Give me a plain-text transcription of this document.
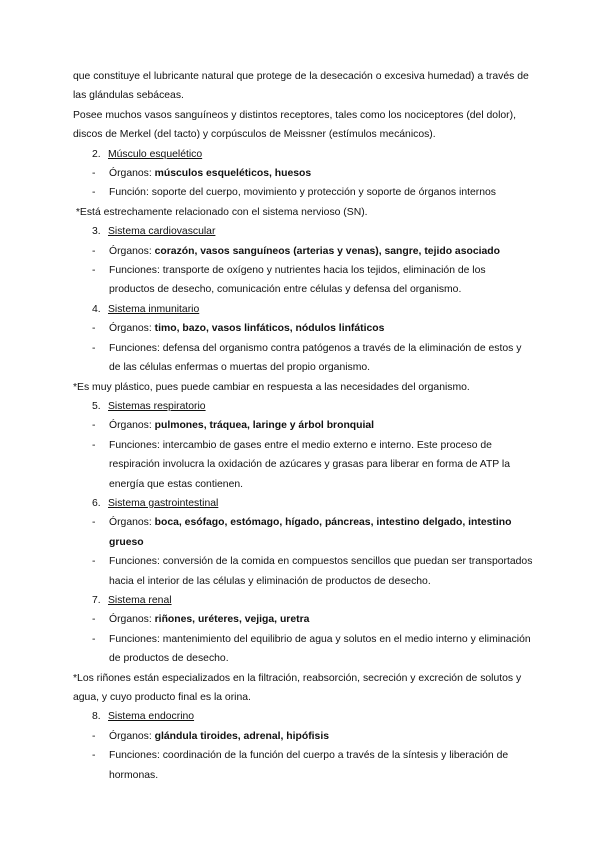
que constituye el lubricante natural que protege de la desecación o excesiva humedad) a través de las glándulas sebáceas.

Posee muchos vasos sanguíneos y distintos receptores, tales como los nociceptores (del dolor), discos de Merkel (del tacto) y corpúsculos de Meissner (estímulos mecánicos).

2. Músculo esquelético
-	Órganos: músculos esqueléticos, huesos
-	Función: soporte del cuerpo, movimiento y protección y soporte de órganos internos

*Está estrechamente relacionado con el sistema nervioso (SN).

3. Sistema cardiovascular
-	Órganos: corazón, vasos sanguíneos (arterias y venas), sangre, tejido asociado
-	Funciones: transporte de oxígeno y nutrientes hacia los tejidos, eliminación de los productos de desecho, comunicación entre células y defensa del organismo.
4. Sistema inmunitario
-	Órganos: timo, bazo, vasos linfáticos, nódulos linfáticos
-	Funciones: defensa del organismo contra patógenos a través de la eliminación de estos y de las células enfermas o muertas del propio organismo.

*Es muy plástico, pues puede cambiar en respuesta a las necesidades del organismo.

5. Sistemas respiratorio
-	Órganos: pulmones, tráquea, laringe y árbol bronquial
-	Funciones: intercambio de gases entre el medio externo e interno. Este proceso de respiración involucra la oxidación de azúcares y grasas para liberar en forma de ATP la energía que estas contienen.
6. Sistema gastrointestinal
-	Órganos: boca, esófago, estómago, hígado, páncreas, intestino delgado, intestino grueso
-	Funciones: conversión de la comida en compuestos sencillos que puedan ser transportados hacia el interior de las células y eliminación de productos de desecho.
7. Sistema renal
-	Órganos: riñones, uréteres, vejiga, uretra
-	Funciones: mantenimiento del equilibrio de agua y solutos en el medio interno y eliminación de productos de desecho.

*Los riñones están especializados en la filtración, reabsorción, secreción y excreción de solutos y agua, y cuyo producto final es la orina.

8. Sistema endocrino
-	Órganos: glándula tiroides, adrenal, hipófisis
-	Funciones: coordinación de la función del cuerpo a través de la síntesis y liberación de hormonas.
